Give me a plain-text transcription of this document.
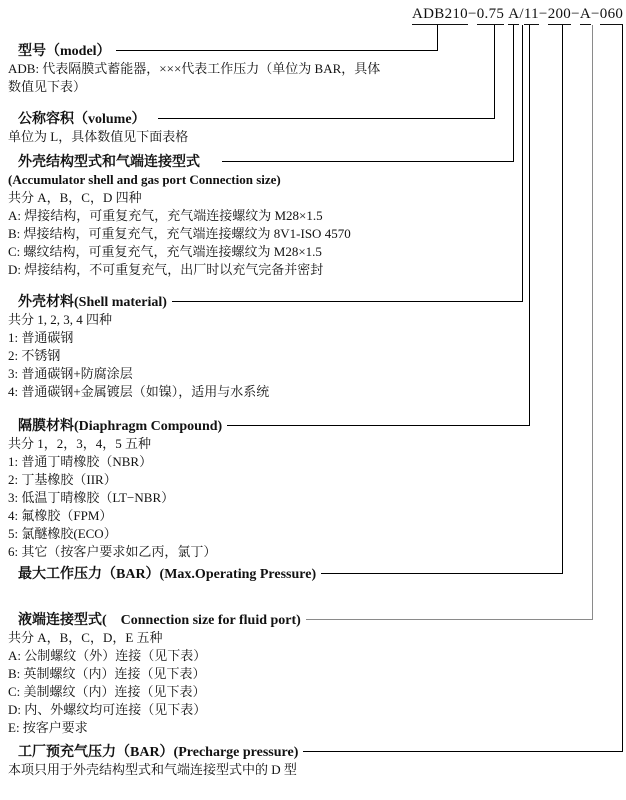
ADB210−0.75 A/11−200−A−060
型号（model）
ADB: 代表隔膜式蓄能器，×××代表工作压力（单位为 BAR，具体
数值见下表）
公称容积（volume）
单位为 L，具体数值见下面表格
外壳结构型式和气端连接型式
(Accumulator shell and gas port Connection size)
共分 A，B，C，D 四种
A: 焊接结构，可重复充气，充气端连接螺纹为 M28×1.5
B: 焊接结构，可重复充气，充气端连接螺纹为 8V1-ISO 4570
C: 螺纹结构，可重复充气，充气端连接螺纹为 M28×1.5
D: 焊接结构，不可重复充气，出厂时以充气完备并密封
外壳材料(Shell material)
共分 1, 2, 3, 4 四种
1: 普通碳钢
2: 不锈钢
3: 普通碳钢+防腐涂层
4: 普通碳钢+金属镀层（如镍），适用与水系统
隔膜材料(Diaphragm Compound)
共分 1，2，3，4，5 五种
1: 普通丁晴橡胶（NBR）
2: 丁基橡胶（IIR）
3: 低温丁晴橡胶（LT−NBR）
4: 氟橡胶（FPM）
5: 氯醚橡胶(ECO）
6: 其它（按客户要求如乙丙，氯丁）
最大工作压力（BAR）(Max.Operating Pressure)
液端连接型式(　Connection size for fluid port)
共分 A，B，C，D，E 五种
A: 公制螺纹（外）连接（见下表）
B: 英制螺纹（内）连接（见下表）
C: 美制螺纹（内）连接（见下表）
D: 内、外螺纹均可连接（见下表）
E: 按客户要求
工厂预充气压力（BAR）(Precharge pressure)
本项只用于外壳结构型式和气端连接型式中的 D 型
